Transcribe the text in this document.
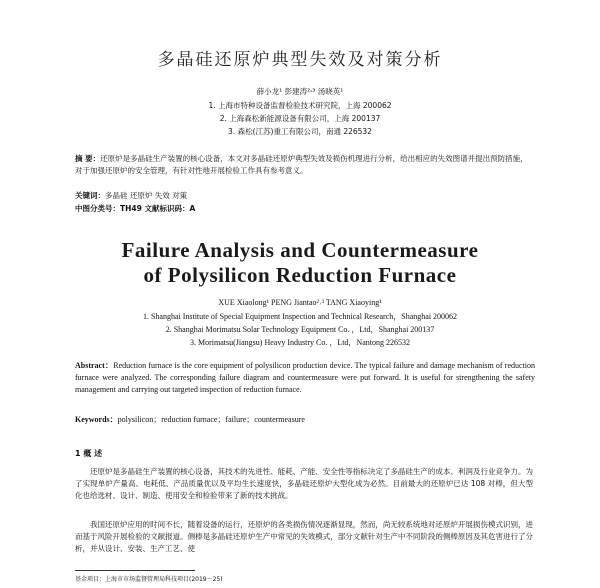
多晶硅还原炉典型失效及对策分析
薛小龙¹ 彭建涛²˒³ 汤晓英¹
1. 上海市特种设备监督检验技术研究院，上海 200062
2. 上海森松新能源设备有限公司，上海 200137
3. 森松(江苏)重工有限公司，南通 226532
摘 要：还原炉是多晶硅生产装置的核心设备，本文对多晶硅还原炉典型失效及损伤机理进行分析，给出相应的失效图谱并提出预防措施，对于加强还原炉的安全管理，有针对性地开展检验工作具有参考意义。
关键词：多晶硅 还原炉 失效 对策
中图分类号：TH49 文献标识码：A
Failure Analysis and Countermeasure
of Polysilicon Reduction Furnace
XUE Xiaolong¹ PENG Jiantao²˒³ TANG Xiaoying¹
1. Shanghai Institute of Special Equipment Inspection and Technical Research，Shanghai 200062
2. Shanghai Morimatsu Solar Technology Equipment Co. ，Ltd，Shanghai 200137
3. Morimatsu(Jiangsu) Heavy Industry Co. ，Ltd，Nantong 226532
Abstract：Reduction furnace is the core equipment of polysilicon production device. The typical failure and damage mechanism of reduction furnace were analyzed. The corresponding failure diagram and countermeasure were put forward. It is useful for strengthening the safety management and carrying out targeted inspection of reduction furnace.
Keywords：polysilicon；reduction furnace；failure；countermeasure
1 概 述
还原炉是多晶硅生产装置的核心设备，其技术的先进性、能耗、产能、安全性等指标决定了多晶硅生产的成本、利润及行业竞争力。为了实现单炉产量高、电耗低、产品质量优以及平均生长速度快，多晶硅还原炉大型化成为必然。目前最大的还原炉已达 108 对棒，但大型化也给选材、设计、制造、使用安全和检验带来了新的技术挑战。
我国还原炉应用的时间不长，随着设备的运行，还原炉的各类损伤情况逐渐显现，然而，尚无较系统地对还原炉开展损伤模式识别，进而基于风险开展检验的文献报道。侧棒是多晶硅还原炉生产中常见的失效模式，部分文献针对生产中不同阶段的侧棒原因及其危害进行了分析，并从设计、安装、生产工艺、使
基金项目：上海市市场监督管理局科技项目(2019－25)
